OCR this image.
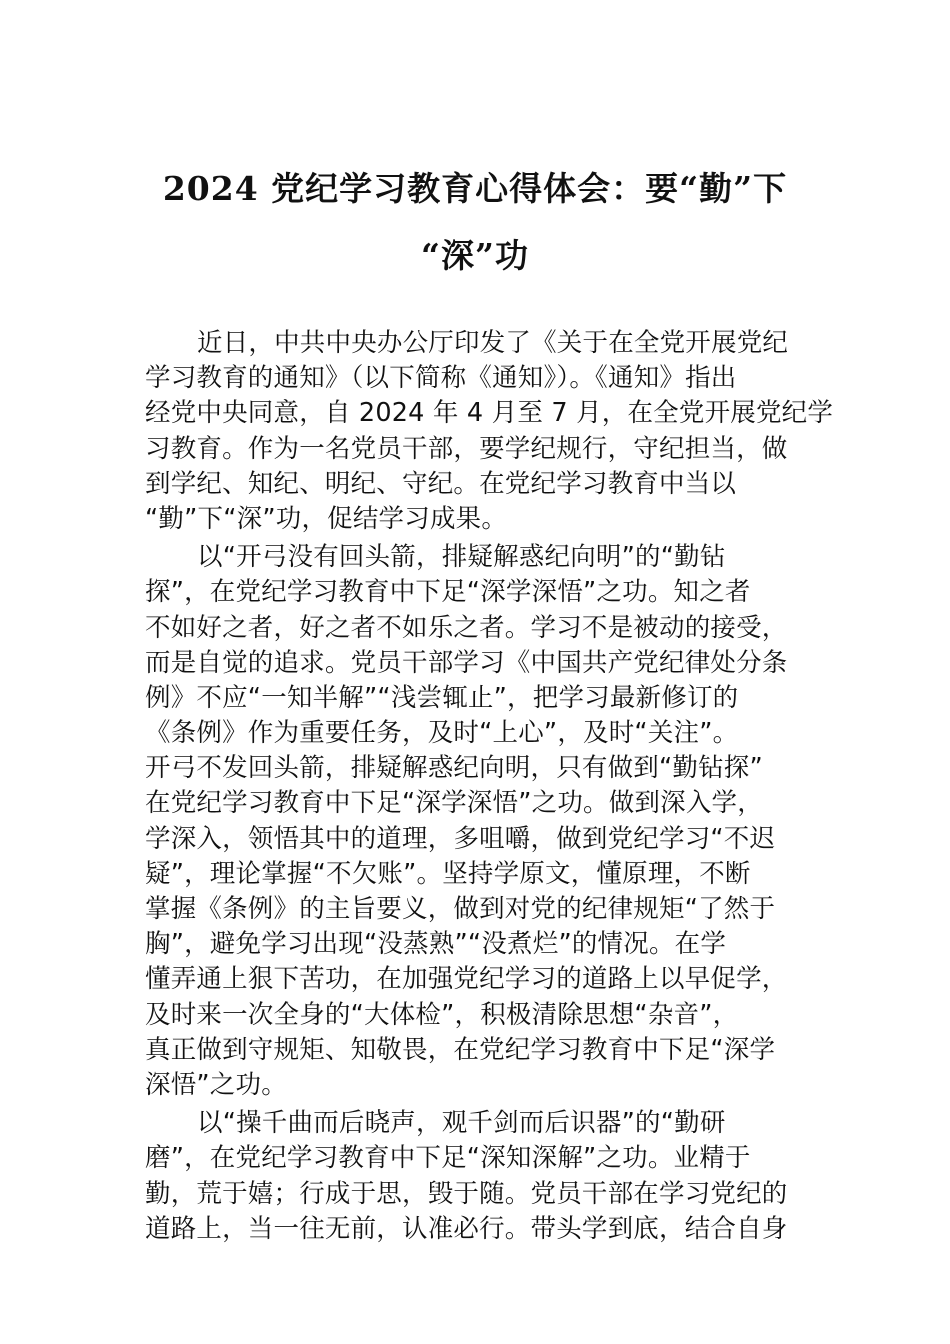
2024 党纪学习教育心得体会：要“勤”下
“深”功
近日，中共中央办公厅印发了《关于在全党开展党纪
学习教育的通知》（以下简称《通知》）。《通知》指出
经党中央同意，自 2024 年 4 月至 7 月，在全党开展党纪学
习教育。作为一名党员干部，要学纪规行，守纪担当，做
到学纪、知纪、明纪、守纪。在党纪学习教育中当以
“勤”下“深”功，促结学习成果。
以“开弓没有回头箭，排疑解惑纪向明”的“勤钻
探”，在党纪学习教育中下足“深学深悟”之功。知之者
不如好之者，好之者不如乐之者。学习不是被动的接受，
而是自觉的追求。党员干部学习《中国共产党纪律处分条
例》不应“一知半解”“浅尝辄止”，把学习最新修订的
《条例》作为重要任务，及时“上心”，及时“关注”。
开弓不发回头箭，排疑解惑纪向明，只有做到“勤钻探”
在党纪学习教育中下足“深学深悟”之功。做到深入学，
学深入，领悟其中的道理，多咀嚼，做到党纪学习“不迟
疑”，理论掌握“不欠账”。坚持学原文，懂原理，不断
掌握《条例》的主旨要义，做到对党的纪律规矩“了然于
胸”，避免学习出现“没蒸熟”“没煮烂”的情况。在学
懂弄通上狠下苦功，在加强党纪学习的道路上以早促学，
及时来一次全身的“大体检”，积极清除思想“杂音”，
真正做到守规矩、知敬畏，在党纪学习教育中下足“深学
深悟”之功。
以“操千曲而后晓声，观千剑而后识器”的“勤研
磨”，在党纪学习教育中下足“深知深解”之功。业精于
勤，荒于嬉；行成于思，毁于随。党员干部在学习党纪的
道路上，当一往无前，认准必行。带头学到底，结合自身
